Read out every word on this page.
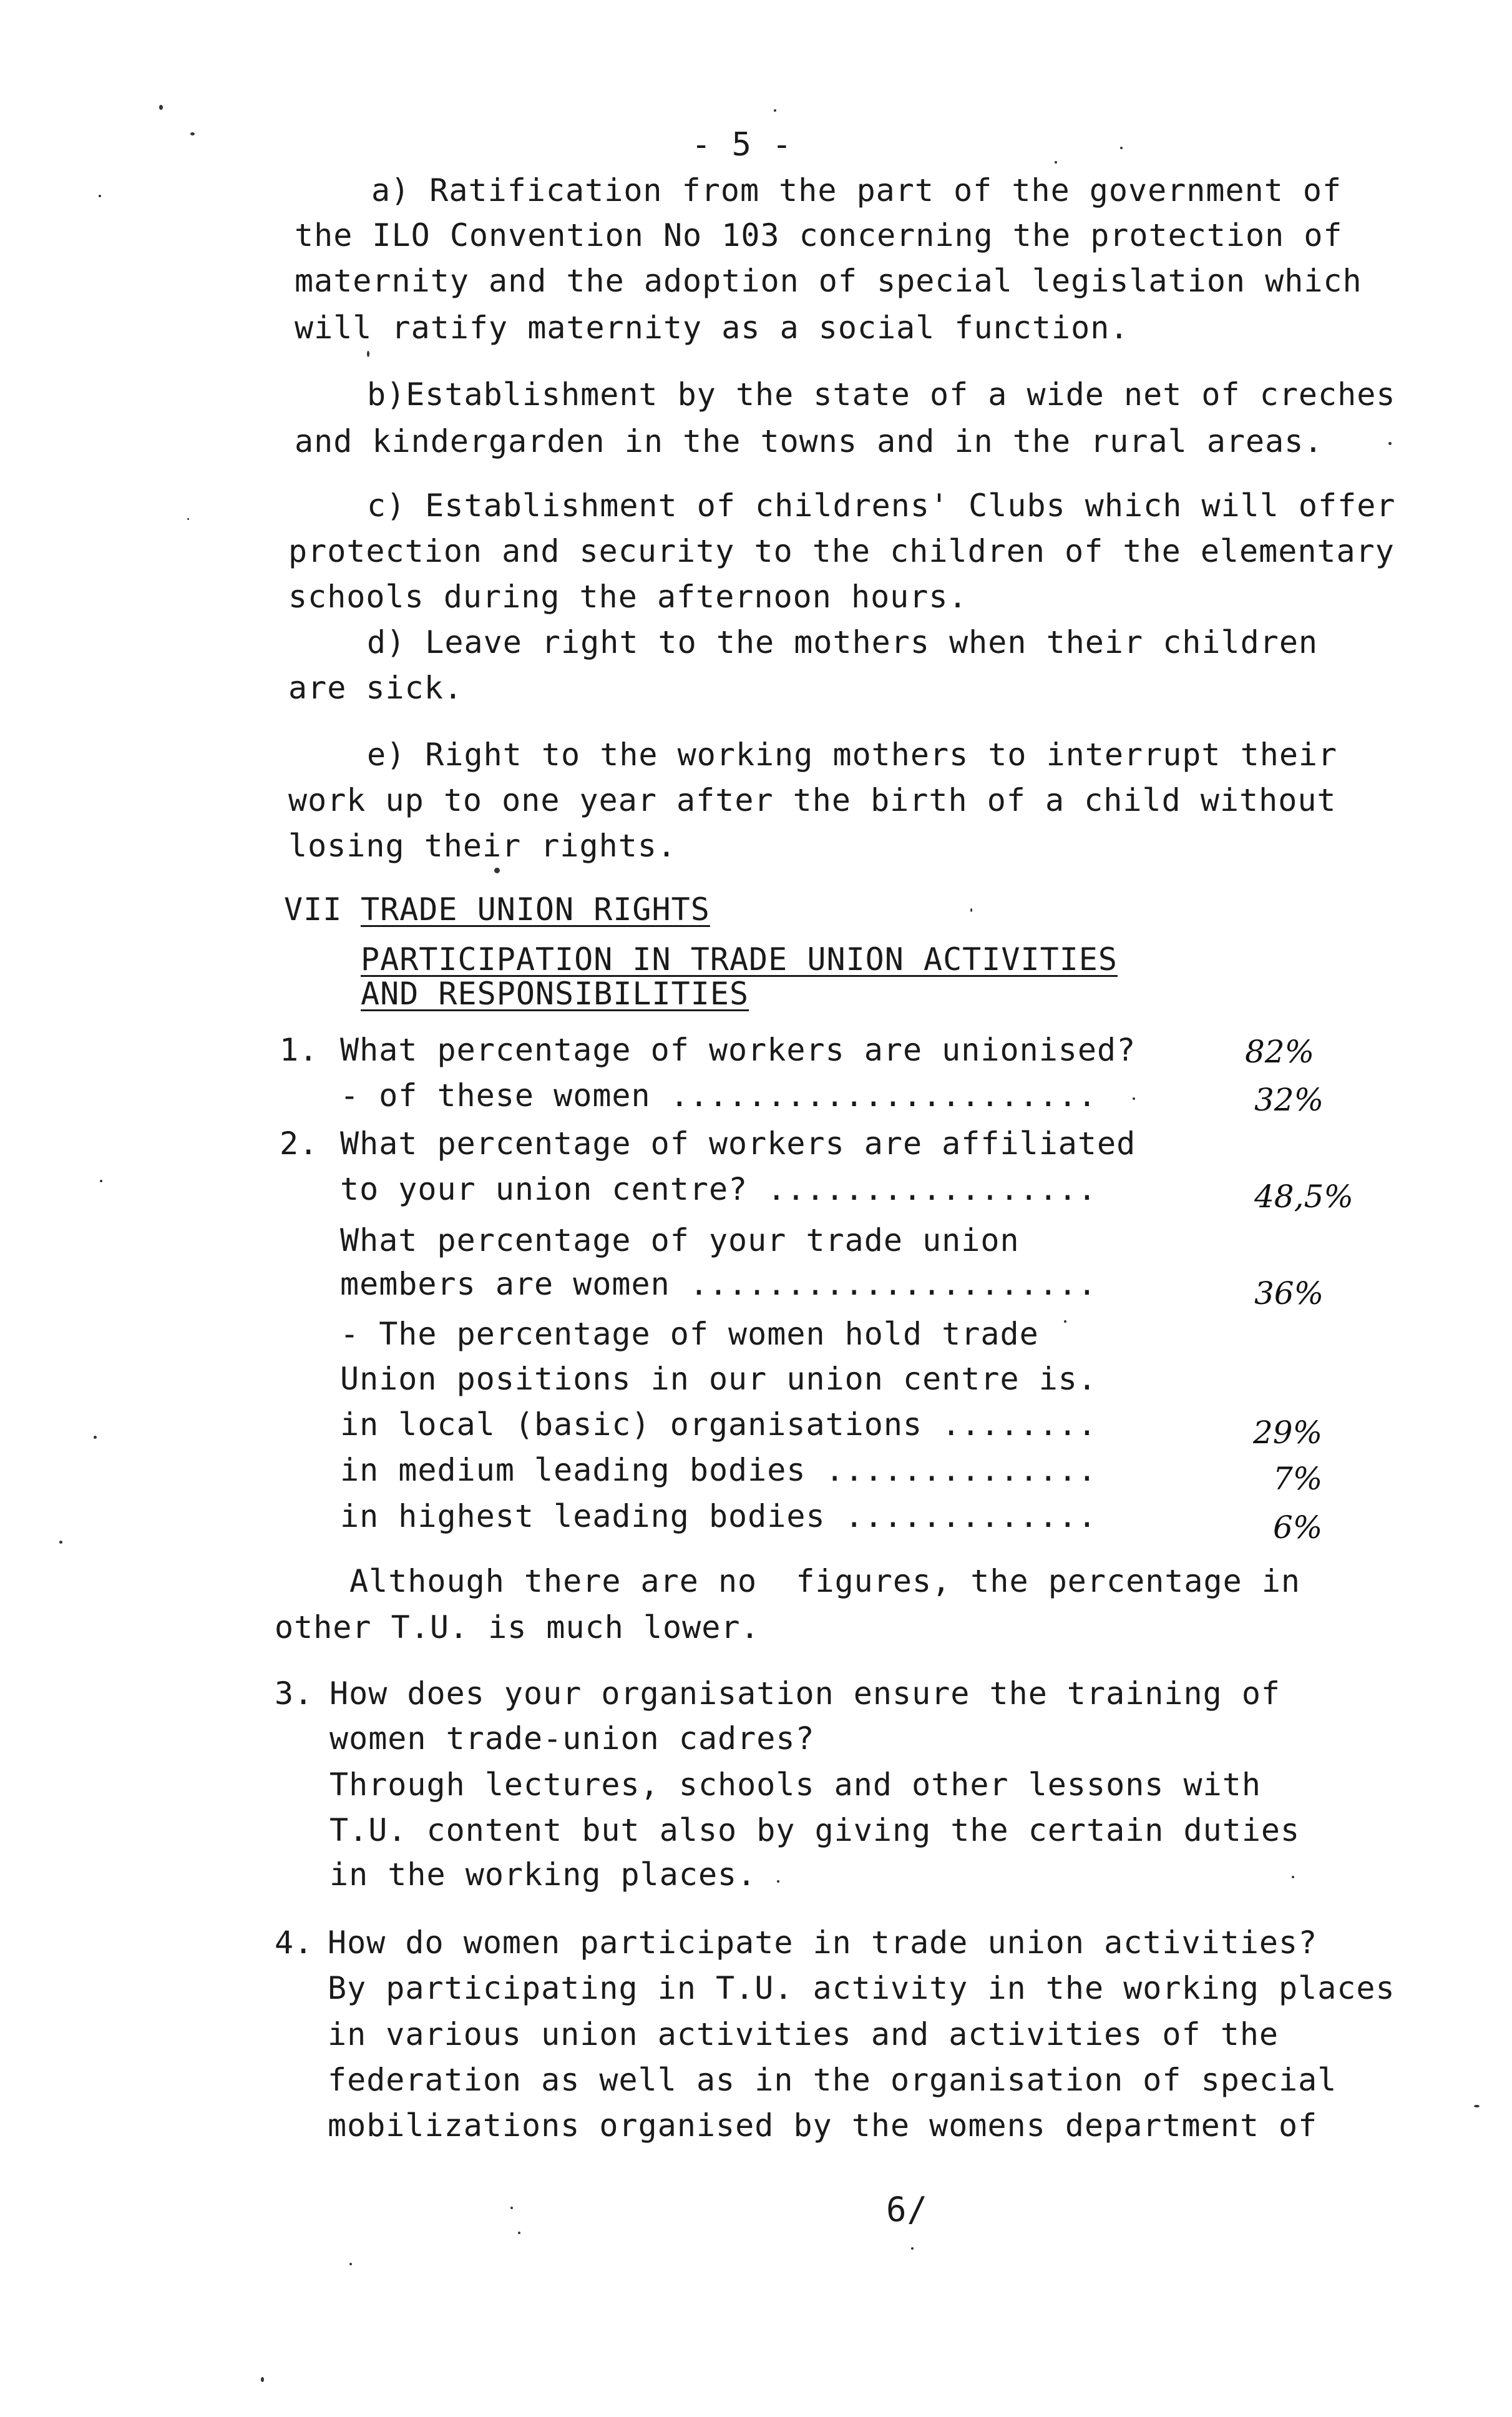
- 5 -
a) Ratification from the part of the government of
the ILO Convention No 103 concerning the protection of
maternity and the adoption of special legislation which
will ratify maternity as a social function.
b)Establishment by the state of a wide net of creches
and kindergarden in the towns and in the rural areas.
c) Establishment of childrens' Clubs which will offer
protection and security to the children of the elementary
schools during the afternoon hours.
d) Leave right to the mothers when their children
are sick.
e) Right to the working mothers to interrupt their
work up to one year after the birth of a child without
losing their rights.
VII TRADE UNION RIGHTS
PARTICIPATION IN TRADE UNION ACTIVITIES
AND RESPONSIBILITIES
1. What percentage of workers are unionised?	82%
- of these women ......................	32%
2. What percentage of workers are affiliated
to your union centre? .................	48,5%
What percentage of your trade union
members are women .....................	36%
- The percentage of women hold trade
Union positions in our union centre is.
in local (basic) organisations ........	29%
in medium leading bodies ..............	7%
in highest leading bodies .............	6%
Although there are no  figures, the percentage in
other T.U. is much lower.
3. How does your organisation ensure the training of
women trade-union cadres?
Through lectures, schools and other lessons with
T.U. content but also by giving the certain duties
in the working places.
4. How do women participate in trade union activities?
By participating in T.U. activity in the working places
in various union activities and activities of the
federation as well as in the organisation of special
mobilizations organised by the womens department of
6/
